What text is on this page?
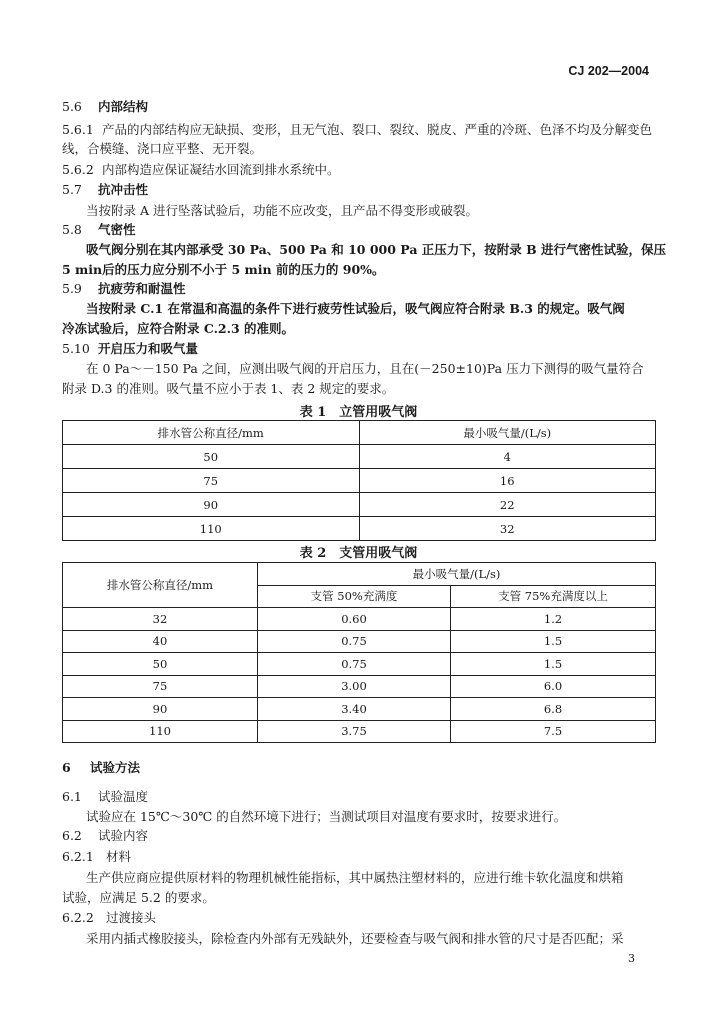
CJ 202—2004
5.6 内部结构
5.6.1 产品的内部结构应无缺损、变形，且无气泡、裂口、裂纹、脱皮、严重的冷斑、色泽不均及分解变色
线，合模缝、浇口应平整、无开裂。
5.6.2 内部构造应保证凝结水回流到排水系统中。
5.7 抗冲击性
当按附录 A 进行坠落试验后，功能不应改变，且产品不得变形或破裂。
5.8 气密性
吸气阀分别在其内部承受 30 Pa、500 Pa 和 10 000 Pa 正压力下，按附录 B 进行气密性试验，保压
5 min后的压力应分别不小于 5 min 前的压力的 90%。
5.9 抗疲劳和耐温性
当按附录 C.1 在常温和高温的条件下进行疲劳性试验后，吸气阀应符合附录 B.3 的规定。吸气阀
冷冻试验后，应符合附录 C.2.3 的准则。
5.10 开启压力和吸气量
在 0 Pa～－150 Pa 之间，应测出吸气阀的开启压力，且在(－250±10)Pa 压力下测得的吸气量符合
附录 D.3 的准则。吸气量不应小于表 1、表 2 规定的要求。
表 1　立管用吸气阀
排水管公称直径/mm	最小吸气量/(L/s)
50	4
75	16
90	22
110	32
表 2　支管用吸气阀
排水管公称直径/mm	最小吸气量/(L/s)	
	支管 50%充满度	支管 75%充满度以上
32	0.60	1.2
40	0.75	1.5
50	0.75	1.5
75	3.00	6.0
90	3.40	6.8
110	3.75	7.5
6 试验方法
6.1 试验温度
试验应在 15℃～30℃ 的自然环境下进行；当测试项目对温度有要求时，按要求进行。
6.2 试验内容
6.2.1 材料
生产供应商应提供原材料的物理机械性能指标，其中属热注塑材料的，应进行维卡软化温度和烘箱
试验，应满足 5.2 的要求。
6.2.2 过渡接头
采用内插式橡胶接头，除检查内外部有无残缺外，还要检查与吸气阀和排水管的尺寸是否匹配；采
3
